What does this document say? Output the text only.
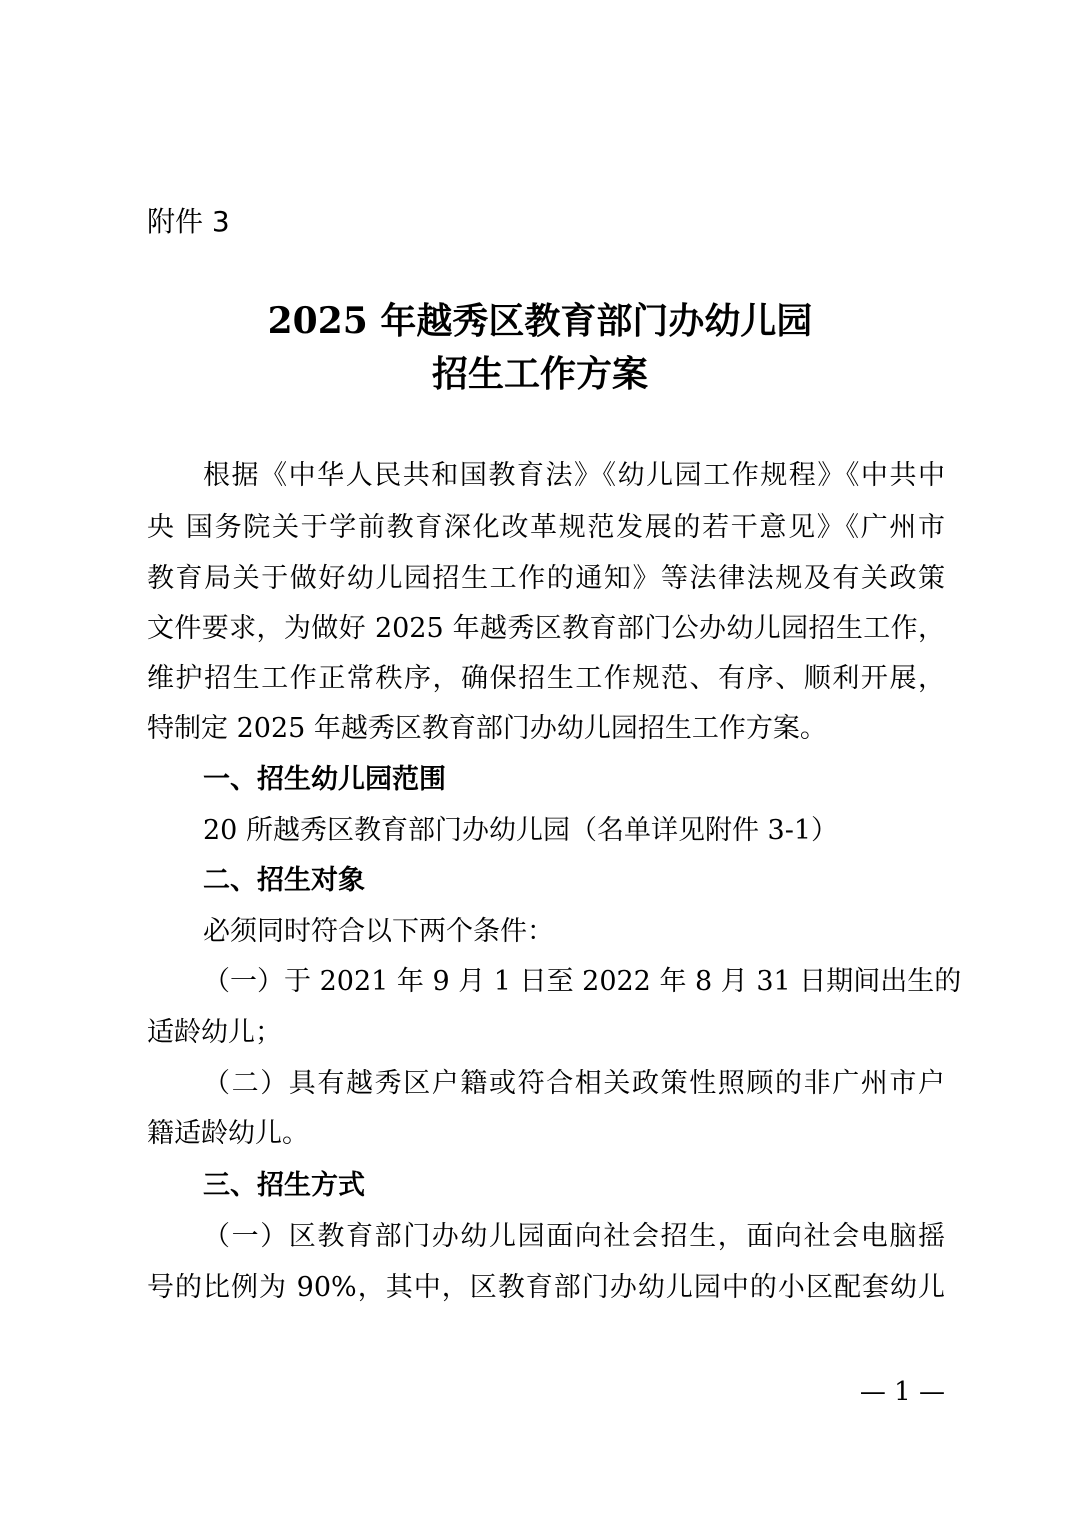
附件 3
2025 年越秀区教育部门办幼儿园
招生工作方案
根据《中华人民共和国教育法》《幼儿园工作规程》《中共中
央 国务院关于学前教育深化改革规范发展的若干意见》《广州市
教育局关于做好幼儿园招生工作的通知》等法律法规及有关政策
文件要求，为做好 2025 年越秀区教育部门公办幼儿园招生工作，
维护招生工作正常秩序，确保招生工作规范、有序、顺利开展，
特制定 2025 年越秀区教育部门办幼儿园招生工作方案。
一、招生幼儿园范围
20 所越秀区教育部门办幼儿园（名单详见附件 3-1）
二、招生对象
必须同时符合以下两个条件：
（一）于 2021 年 9 月 1 日至 2022 年 8 月 31 日期间出生的
适龄幼儿；
（二）具有越秀区户籍或符合相关政策性照顾的非广州市户
籍适龄幼儿。
三、招生方式
（一）区教育部门办幼儿园面向社会招生，面向社会电脑摇
号的比例为 90%，其中，区教育部门办幼儿园中的小区配套幼儿
— 1 —
